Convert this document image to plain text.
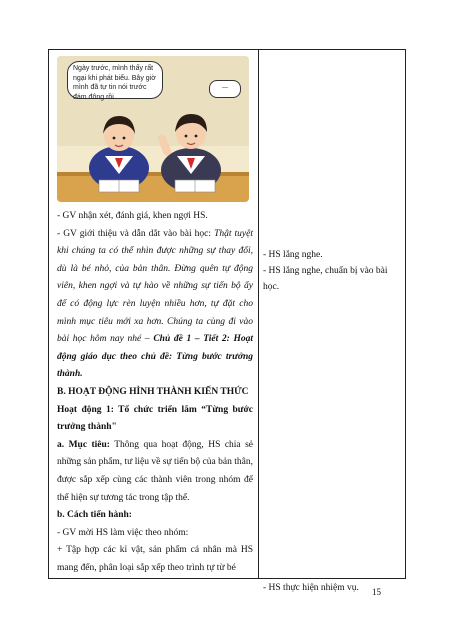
Ngày trước, mình thấy rất ngại khi phát biểu. Bây giờ mình đã tự tin nói trước đám đông rồi.
...

- GV nhận xét, đánh giá, khen ngợi HS.

- GV giới thiệu và dẫn dắt vào bài học: Thật tuyệt khi chúng ta có thể nhìn được những sự thay đổi, dù là bé nhỏ, của bản thân. Đừng quên tự động viên, khen ngợi và tự hào về những sự tiến bộ ấy để có động lực rèn luyện nhiều hơn, tự đặt cho mình mục tiêu mới xa hơn. Chúng ta cùng đi vào bài học hôm nay nhé – Chủ đề 1 – Tiết 2: Hoạt động giáo dục theo chủ đề: Từng bước trưởng thành.

B. HOẠT ĐỘNG HÌNH THÀNH KIẾN THỨC

Hoạt động 1: Tổ chức triển lãm “Từng bước trưởng thành"

a. Mục tiêu: Thông qua hoạt động, HS chia sẻ những sản phẩm, tư liệu về sự tiến bộ của bản thân, được sắp xếp cùng các thành viên trong nhóm để thể hiện sự tương tác trong tập thể.

b. Cách tiến hành:

- GV mời HS làm việc theo nhóm:

+ Tập hợp các kỉ vật, sản phẩm cá nhân mà HS mang đến, phân loại sắp xếp theo trình tự từ bé

- HS lắng nghe.
- HS lắng nghe, chuẩn bị vào bài học.
- HS thực hiện nhiệm vụ.	15
